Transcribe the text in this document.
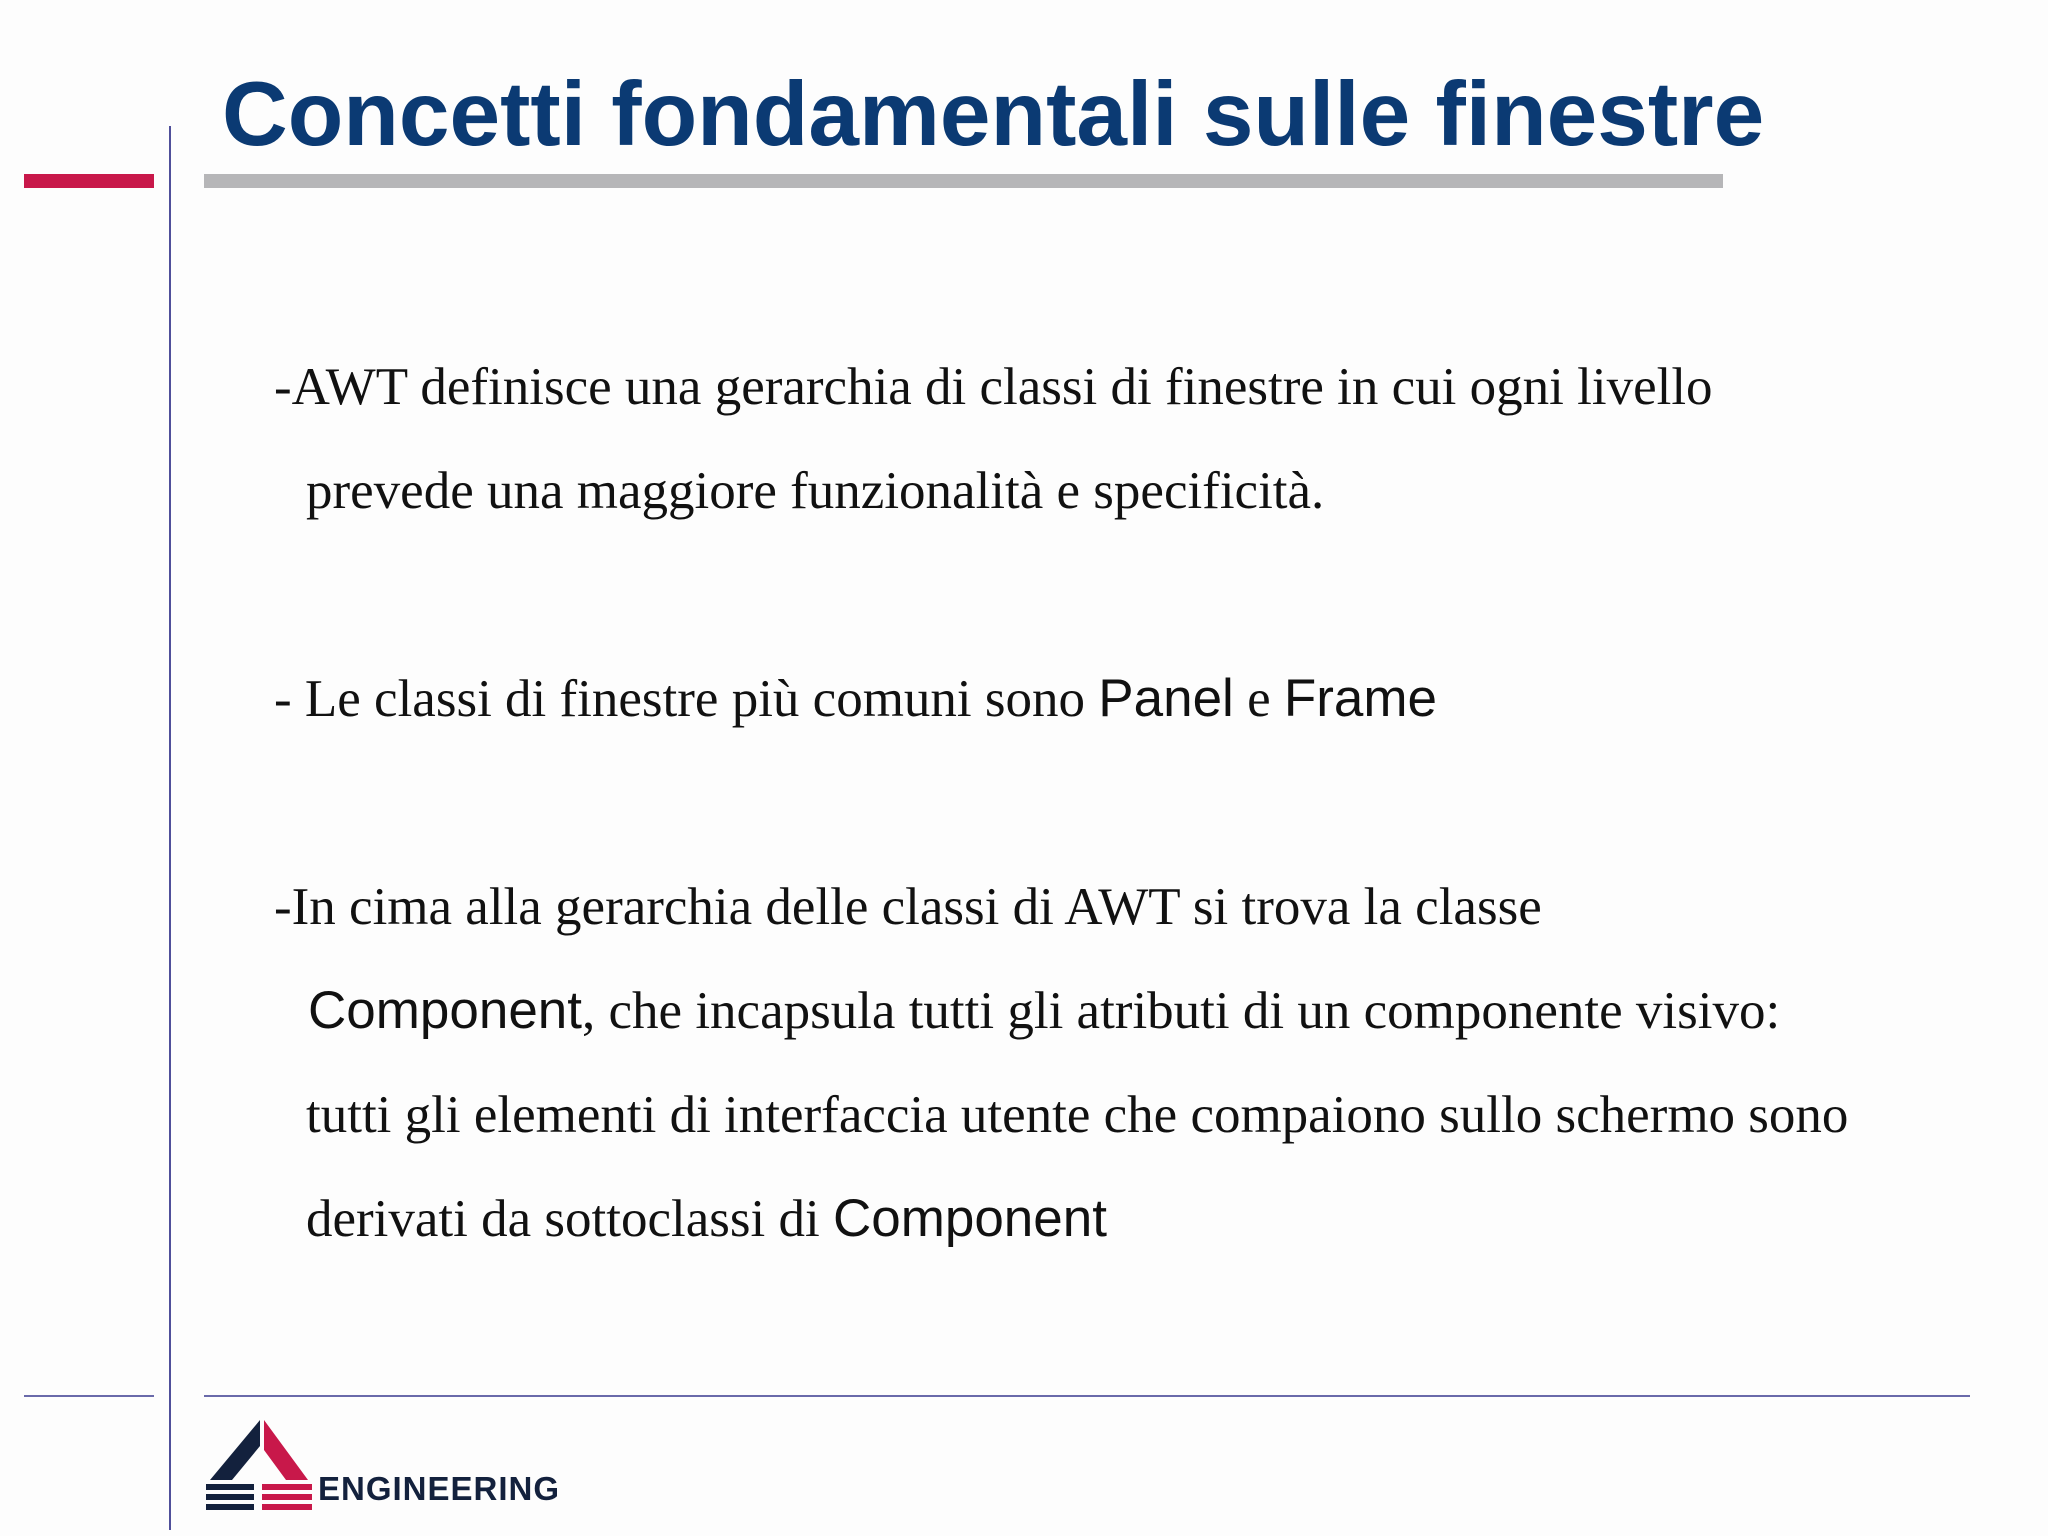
Concetti fondamentali sulle finestre
-AWT definisce una gerarchia di classi di finestre in cui ogni livello
prevede una maggiore funzionalità e specificità.
- Le classi di finestre più comuni sono Panel e Frame
-In cima alla gerarchia delle classi di AWT si trova la classe
Component, che incapsula tutti gli atributi di un componente visivo:
tutti gli elementi di interfaccia utente che compaiono sullo schermo sono
derivati da sottoclassi di Component
ENGINEERING
